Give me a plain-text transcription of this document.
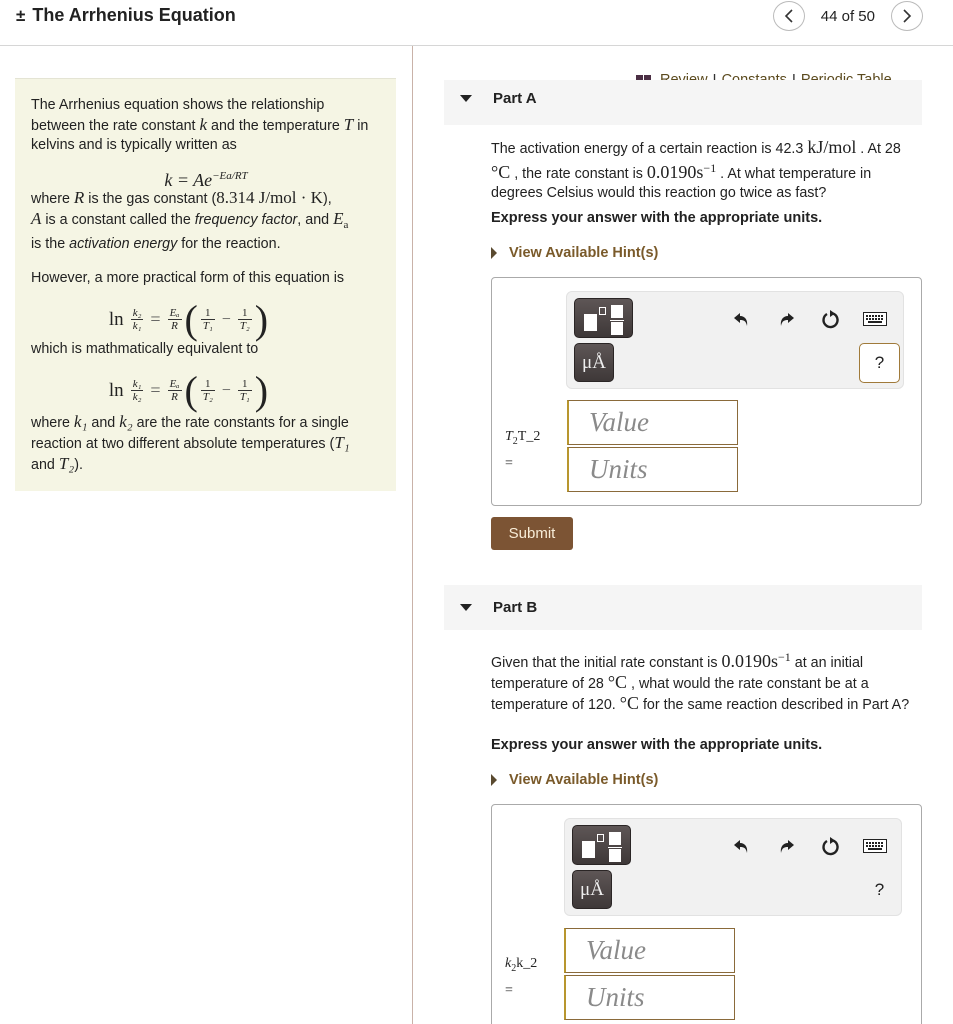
± The Arrhenius Equation	44 of 50

The Arrhenius equation shows the relationship between the rate constant k and the temperature T in kelvins and is typically written as

$k = Ae^{-Ea/RT}$

where R is the gas constant (8.314 J/mol · K),
A is a constant called the frequency factor, and $E_a$
is the activation energy for the reaction.

However, a more practical form of this equation is

$\ln \frac{\text{k₂}}{\text{k₁}} = \frac{\text{Eₐ}}{R}$ ( $\frac{1}{\text{T₁}} - \frac{1}{\text{T₂}}$ )

which is mathmatically equivalent to

$\ln \frac{\text{k₁}}{\text{k₂}} = \frac{\text{Eₐ}}{R}$ ( $\frac{1}{\text{T₂}} - \frac{1}{\text{T₁}}$ )

where k₁ and k₂ are the rate constants for a single reaction at two different absolute temperatures (T₁
and T₂).

Part A
The activation energy of a certain reaction is 42.3 kJ/mol . At 28 °C , the rate constant is $0.0190s^{-1}$ . At what temperature in degrees Celsius would this reaction go twice as fast?
Express your answer with the appropriate units.
View Available Hint(s)
μÅ	?
$T_2T\_2$
=
Value
Units
Submit
Part B
Given that the initial rate constant is $0.0190s^{-1}$ at an initial temperature of 28 °C , what would the rate constant be at a temperature of 120. °C for the same reaction described in Part A?
Express your answer with the appropriate units.
View Available Hint(s)
μÅ	?
$k_2k\_2$
=
Value
Units
